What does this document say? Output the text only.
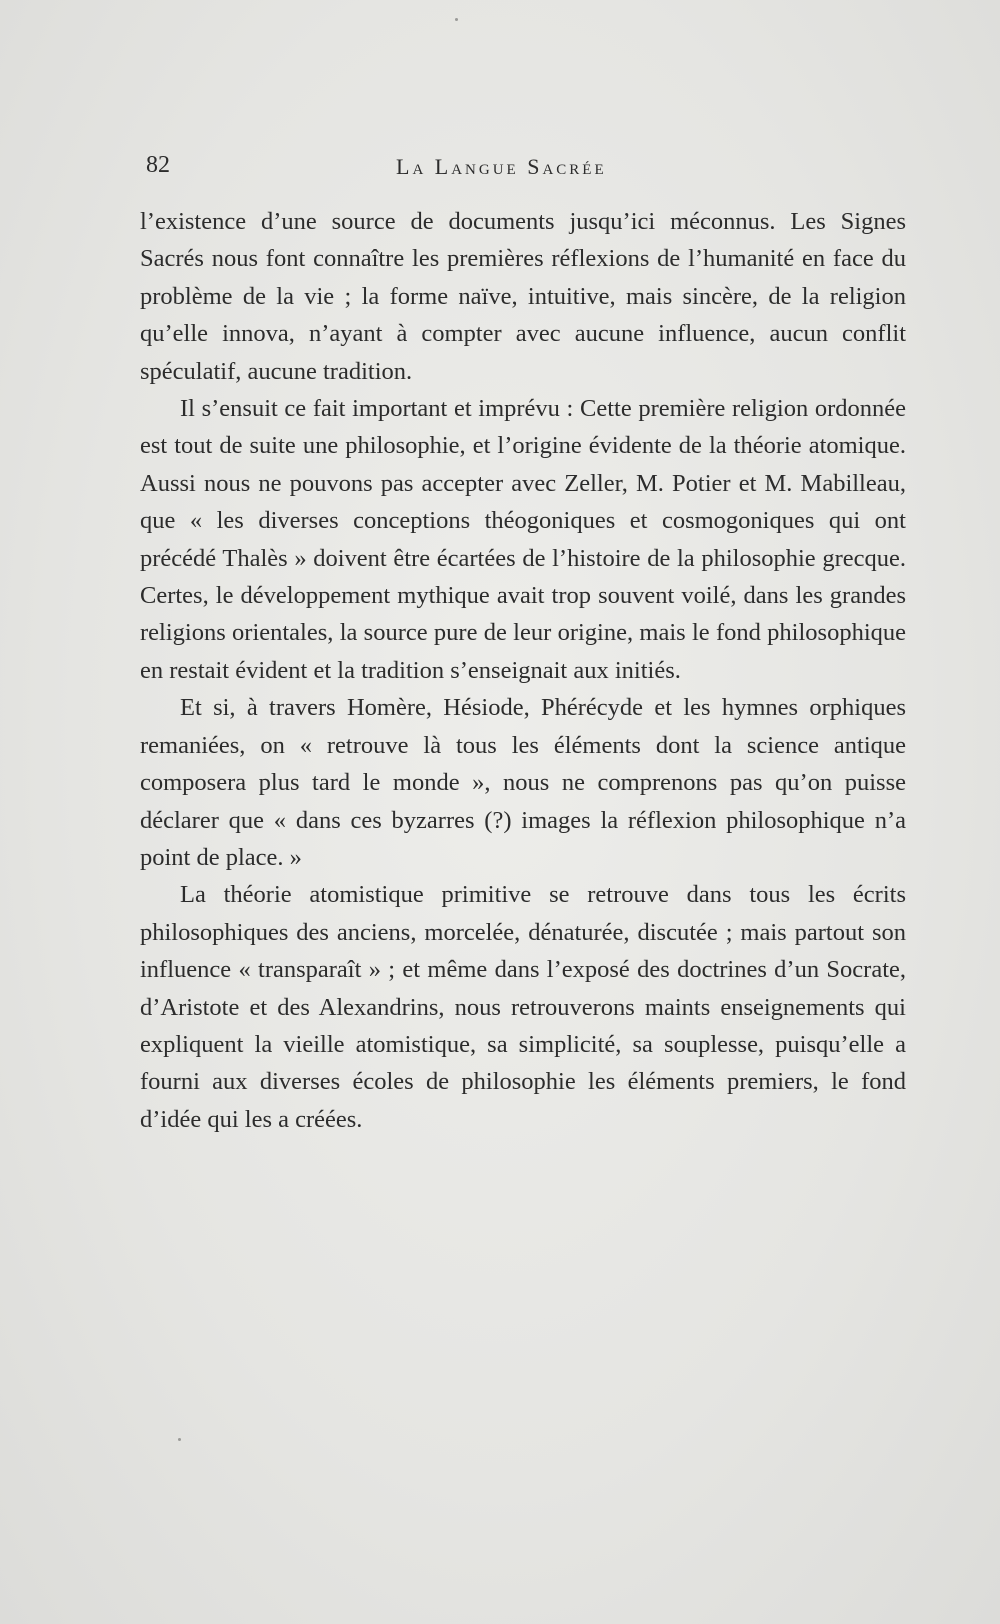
82	La Langue Sacrée

l’existence d’une source de documents jusqu’ici méconnus. Les Signes Sacrés nous font connaître les premières réflexions de l’humanité en face du problème de la vie ; la forme naïve, intuitive, mais sincère, de la religion qu’elle innova, n’ayant à compter avec aucune influence, aucun conflit spéculatif, aucune tradition.

Il s’ensuit ce fait important et imprévu : Cette première religion ordonnée est tout de suite une philosophie, et l’origine évidente de la théorie atomique. Aussi nous ne pouvons pas accepter avec Zeller, M. Potier et M. Mabilleau, que « les diverses conceptions théogoniques et cosmogoniques qui ont précédé Thalès » doivent être écartées de l’histoire de la philosophie grecque. Certes, le développement mythique avait trop souvent voilé, dans les grandes religions orientales, la source pure de leur origine, mais le fond philosophique en restait évident et la tradition s’enseignait aux initiés.

Et si, à travers Homère, Hésiode, Phérécyde et les hymnes orphiques remaniées, on « retrouve là tous les éléments dont la science antique composera plus tard le monde », nous ne comprenons pas qu’on puisse déclarer que « dans ces byzarres (?) images la réflexion philosophique n’a point de place. »

La théorie atomistique primitive se retrouve dans tous les écrits philosophiques des anciens, morcelée, dénaturée, discutée ; mais partout son influence « transparaît » ; et même dans l’exposé des doctrines d’un Socrate, d’Aristote et des Alexandrins, nous retrouverons maints enseignements qui expliquent la vieille atomistique, sa simplicité, sa souplesse, puisqu’elle a fourni aux diverses écoles de philosophie les éléments premiers, le fond d’idée qui les a créées.
